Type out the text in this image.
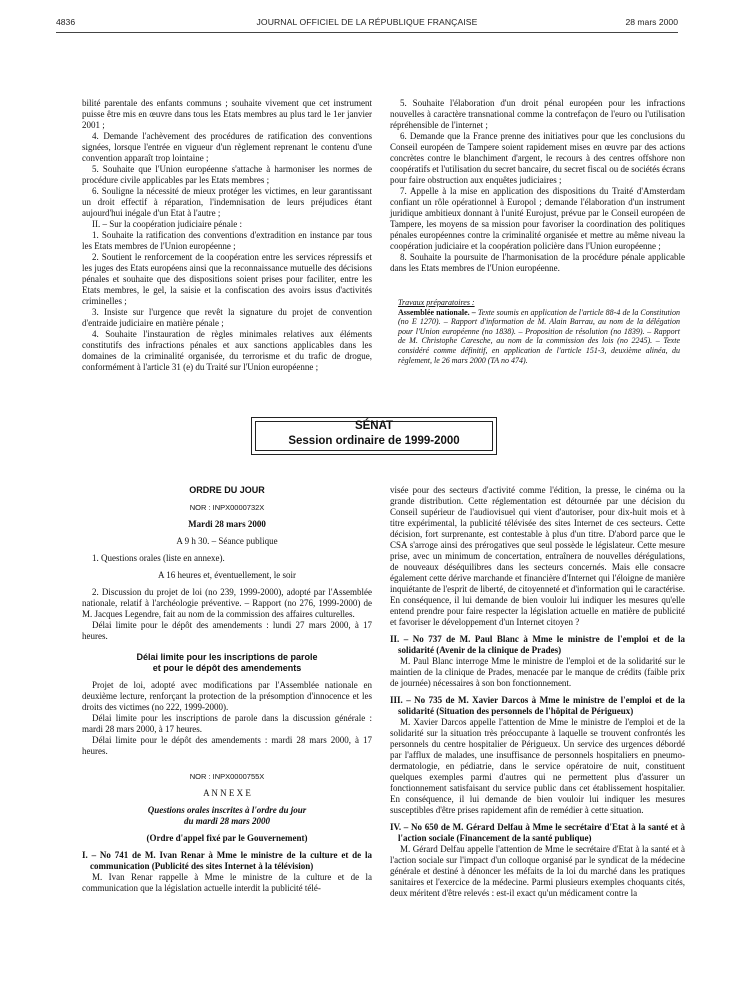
4836	JOURNAL OFFICIEL DE LA RÉPUBLIQUE FRANÇAISE	28 mars 2000

bilité parentale des enfants communs ; souhaite vivement que cet instrument puisse être mis en œuvre dans tous les Etats membres au plus tard le 1er janvier 2001 ;

4. Demande l'achèvement des procédures de ratification des conventions signées, lorsque l'entrée en vigueur d'un règlement reprenant le contenu d'une convention apparaît trop lointaine ;

5. Souhaite que l'Union européenne s'attache à harmoniser les normes de procédure civile applicables par les Etats membres ;

6. Souligne la nécessité de mieux protéger les victimes, en leur garantissant un droit effectif à réparation, l'indemnisation de leurs préjudices étant aujourd'hui inégale d'un Etat à l'autre ;

II. – Sur la coopération judiciaire pénale :

1. Souhaite la ratification des conventions d'extradition en instance par tous les Etats membres de l'Union européenne ;

2. Soutient le renforcement de la coopération entre les services répressifs et les juges des Etats européens ainsi que la reconnaissance mutuelle des décisions pénales et souhaite que des dispositions soient prises pour faciliter, entre les Etats membres, le gel, la saisie et la confiscation des avoirs issus d'activités criminelles ;

3. Insiste sur l'urgence que revêt la signature du projet de convention d'entraide judiciaire en matière pénale ;

4. Souhaite l'instauration de règles minimales relatives aux éléments constitutifs des infractions pénales et aux sanctions applicables dans les domaines de la criminalité organisée, du terrorisme et du trafic de drogue, conformément à l'article 31 (e) du Traité sur l'Union européenne ;

5. Souhaite l'élaboration d'un droit pénal européen pour les infractions nouvelles à caractère transnational comme la contrefaçon de l'euro ou l'utilisation répréhensible de l'internet ;

6. Demande que la France prenne des initiatives pour que les conclusions du Conseil européen de Tampere soient rapidement mises en œuvre par des actions concrètes contre le blanchiment d'argent, le recours à des centres offshore non coopératifs et l'utilisation du secret bancaire, du secret fiscal ou de sociétés écrans pour faire obstruction aux enquêtes judiciaires ;

7. Appelle à la mise en application des dispositions du Traité d'Amsterdam confiant un rôle opérationnel à Europol ; demande l'élaboration d'un instrument juridique ambitieux donnant à l'unité Eurojust, prévue par le Conseil européen de Tampere, les moyens de sa mission pour favoriser la coordination des politiques pénales européennes contre la criminalité organisée et mettre au même niveau la coopération judiciaire et la coopération policière dans l'Union européenne ;

8. Souhaite la poursuite de l'harmonisation de la procédure pénale applicable dans les Etats membres de l'Union européenne.

Travaux préparatoires :
Assemblée nationale. – Texte soumis en application de l'article 88-4 de la Constitution (no E 1270). – Rapport d'information de M. Alain Barrau, au nom de la délégation pour l'Union européenne (no 1838). – Proposition de résolution (no 1839). – Rapport de M. Christophe Caresche, au nom de la commission des lois (no 2245). – Texte considéré comme définitif, en application de l'article 151-3, deuxième alinéa, du règlement, le 26 mars 2000 (TA no 474).
SÉNAT
Session ordinaire de 1999-2000

ORDRE DU JOUR

NOR : INPX0000732X

Mardi 28 mars 2000

A 9 h 30. – Séance publique

1. Questions orales (liste en annexe).

A 16 heures et, éventuellement, le soir

2. Discussion du projet de loi (no 239, 1999-2000), adopté par l'Assemblée nationale, relatif à l'archéologie préventive. – Rapport (no 276, 1999-2000) de M. Jacques Legendre, fait au nom de la commission des affaires culturelles.

Délai limite pour le dépôt des amendements : lundi 27 mars 2000, à 17 heures.

Délai limite pour les inscriptions de parole

et pour le dépôt des amendements

Projet de loi, adopté avec modifications par l'Assemblée nationale en deuxième lecture, renforçant la protection de la présomption d'innocence et les droits des victimes (no 222, 1999-2000).

Délai limite pour les inscriptions de parole dans la discussion générale : mardi 28 mars 2000, à 17 heures.

Délai limite pour le dépôt des amendements : mardi 28 mars 2000, à 17 heures.

NOR : INPX0000755X

A N N E X E

Questions orales inscrites à l'ordre du jour

du mardi 28 mars 2000

(Ordre d'appel fixé par le Gouvernement)

I. – No 741 de M. Ivan Renar à Mme le ministre de la culture et de la communication (Publicité des sites Internet à la télévision)

M. Ivan Renar rappelle à Mme le ministre de la culture et de la communication que la législation actuelle interdit la publicité télé-

visée pour des secteurs d'activité comme l'édition, la presse, le cinéma ou la grande distribution. Cette réglementation est détournée par une décision du Conseil supérieur de l'audiovisuel qui vient d'autoriser, pour dix-huit mois et à titre expérimental, la publicité télévisée des sites Internet de ces secteurs. Cette décision, fort surprenante, est contestable à plus d'un titre. D'abord parce que le CSA s'arroge ainsi des prérogatives que seul possède le législateur. Cette mesure prise, avec un minimum de concertation, entraînera de nouvelles dérégulations, de nouveaux déséquilibres dans les secteurs concernés. Mais elle consacre également cette dérive marchande et financière d'Internet qui l'éloigne de manière inquiétante de l'esprit de liberté, de citoyenneté et d'information qui le caractérise. En conséquence, il lui demande de bien vouloir lui indiquer les mesures qu'elle entend prendre pour faire respecter la législation actuelle en matière de publicité et favoriser le développement d'un Internet citoyen ?

II. – No 737 de M. Paul Blanc à Mme le ministre de l'emploi et de la solidarité (Avenir de la clinique de Prades)

M. Paul Blanc interroge Mme le ministre de l'emploi et de la solidarité sur le maintien de la clinique de Prades, menacée par le manque de crédits (faible prix de journée) nécessaires à son bon fonctionnement.

III. – No 735 de M. Xavier Darcos à Mme le ministre de l'emploi et de la solidarité (Situation des personnels de l'hôpital de Périgueux)

M. Xavier Darcos appelle l'attention de Mme le ministre de l'emploi et de la solidarité sur la situation très préoccupante à laquelle se trouvent confrontés les personnels du centre hospitalier de Périgueux. Un service des urgences débordé par l'afflux de malades, une insuffisance de personnels hospitaliers en pneumo-dermatologie, en pédiatrie, dans le service opératoire de nuit, constituent quelques exemples parmi d'autres qui ne permettent plus d'assurer un fonctionnement satisfaisant du service public dans cet établissement hospitalier. En conséquence, il lui demande de bien vouloir lui indiquer les mesures susceptibles d'être prises rapidement afin de remédier à cette situation.

IV. – No 650 de M. Gérard Delfau à Mme le secrétaire d'Etat à la santé et à l'action sociale (Financement de la santé publique)

M. Gérard Delfau appelle l'attention de Mme le secrétaire d'Etat à la santé et à l'action sociale sur l'impact d'un colloque organisé par le syndicat de la médecine générale et destiné à dénoncer les méfaits de la loi du marché dans les pratiques sanitaires et l'exercice de la médecine. Parmi plusieurs exemples choquants cités, deux méritent d'être relevés : est-il exact qu'un médicament contre la
